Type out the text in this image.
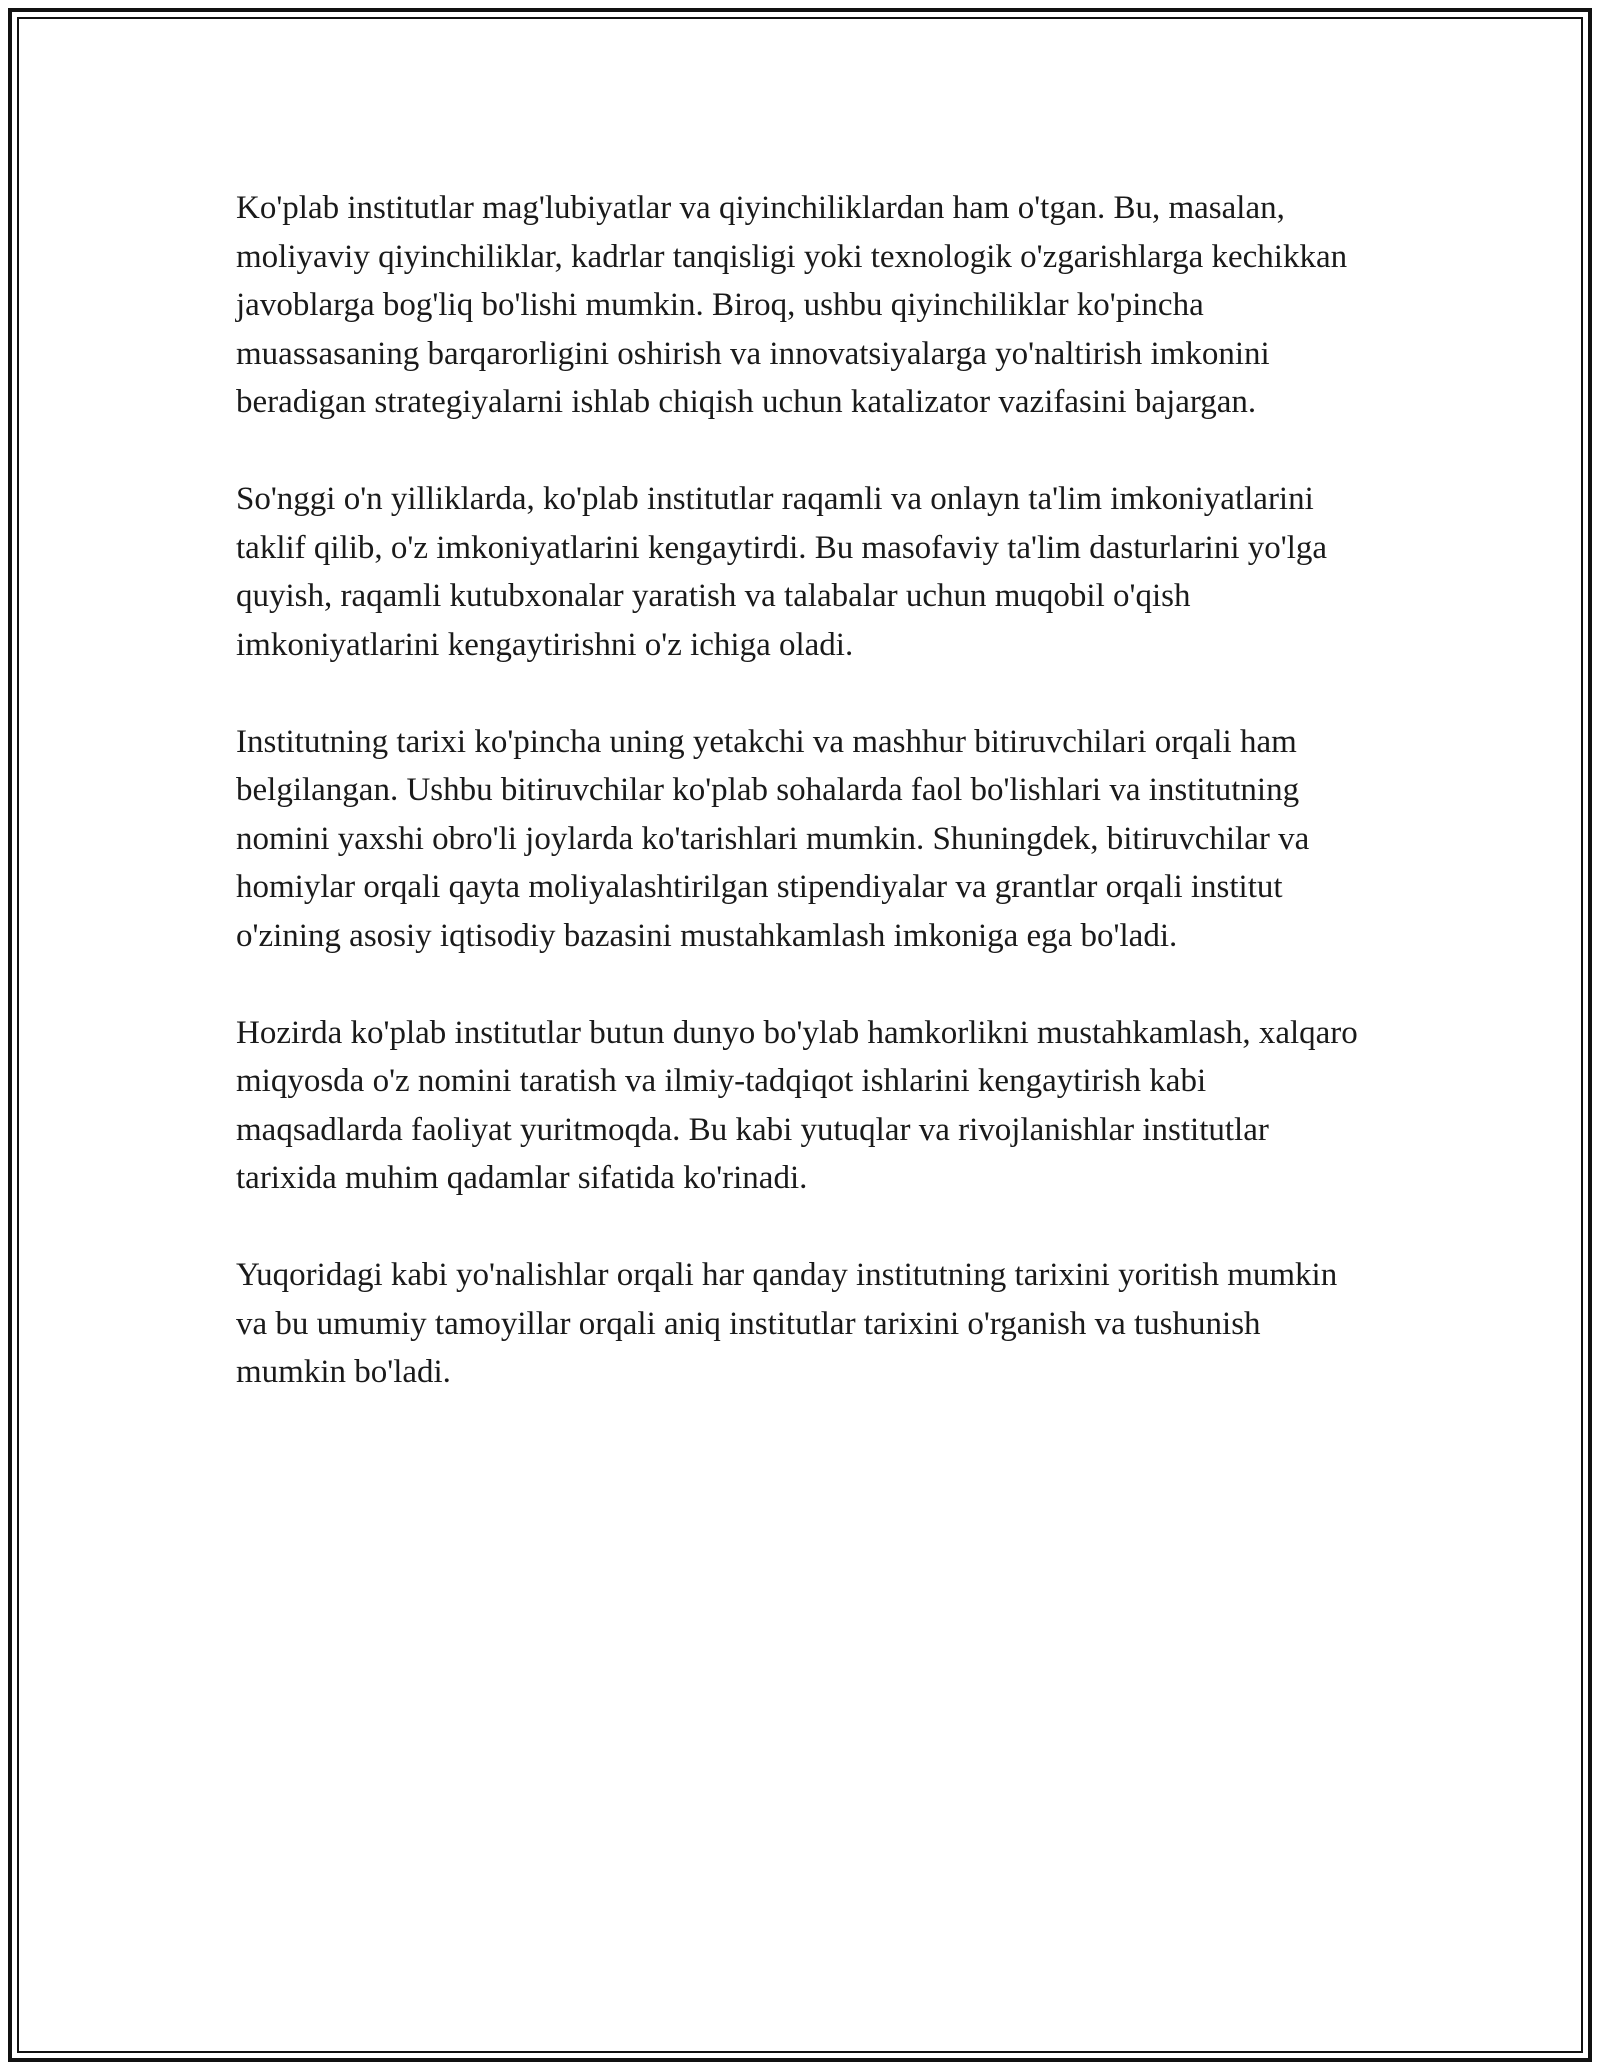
Ko'plab institutlar mag'lubiyatlar va qiyinchiliklardan ham o'tgan. Bu, masalan, moliyaviy qiyinchiliklar, kadrlar tanqisligi yoki texnologik o'zgarishlarga kechikkan javoblarga bog'liq bo'lishi mumkin. Biroq, ushbu qiyinchiliklar ko'pincha muassasaning barqarorligini oshirish va innovatsiyalarga yo'naltirish imkonini beradigan strategiyalarni ishlab chiqish uchun katalizator vazifasini bajargan.

So'nggi o'n yilliklarda, ko'plab institutlar raqamli va onlayn ta'lim imkoniyatlarini taklif qilib, o'z imkoniyatlarini kengaytirdi. Bu masofaviy ta'lim dasturlarini yo'lga quyish, raqamli kutubxonalar yaratish va talabalar uchun muqobil o'qish imkoniyatlarini kengaytirishni o'z ichiga oladi.

Institutning tarixi ko'pincha uning yetakchi va mashhur bitiruvchilari orqali ham belgilangan. Ushbu bitiruvchilar ko'plab sohalarda faol bo'lishlari va institutning nomini yaxshi obro'li joylarda ko'tarishlari mumkin. Shuningdek, bitiruvchilar va homiylar orqali qayta moliyalashtirilgan stipendiyalar va grantlar orqali institut o'zining asosiy iqtisodiy bazasini mustahkamlash imkoniga ega bo'ladi.

Hozirda ko'plab institutlar butun dunyo bo'ylab hamkorlikni mustahkamlash, xalqaro miqyosda o'z nomini taratish va ilmiy-tadqiqot ishlarini kengaytirish kabi maqsadlarda faoliyat yuritmoqda. Bu kabi yutuqlar va rivojlanishlar institutlar tarixida muhim qadamlar sifatida ko'rinadi.

Yuqoridagi kabi yo'nalishlar orqali har qanday institutning tarixini yoritish mumkin va bu umumiy tamoyillar orqali aniq institutlar tarixini o'rganish va tushunish mumkin bo'ladi.
